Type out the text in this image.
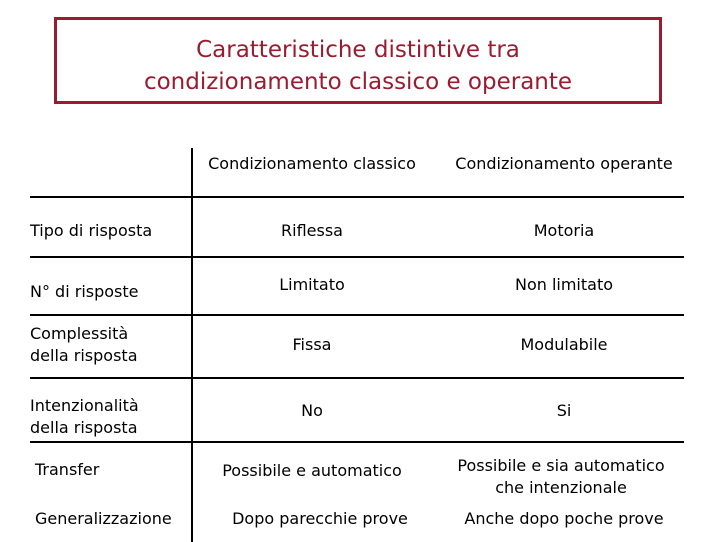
Caratteristiche distintive tra
condizionamento classico e operante
Condizionamento classico	Condizionamento operante
Tipo di risposta	Riflessa	Motoria
N° di risposte	Limitato	Non limitato
Complessità
della risposta
Fissa	Modulabile
Intenzionalità
della risposta
No	Si
Transfer	Possibile e automatico	Possibile e sia automatico
che intenzionale
Generalizzazione	Dopo parecchie prove	Anche dopo poche prove
